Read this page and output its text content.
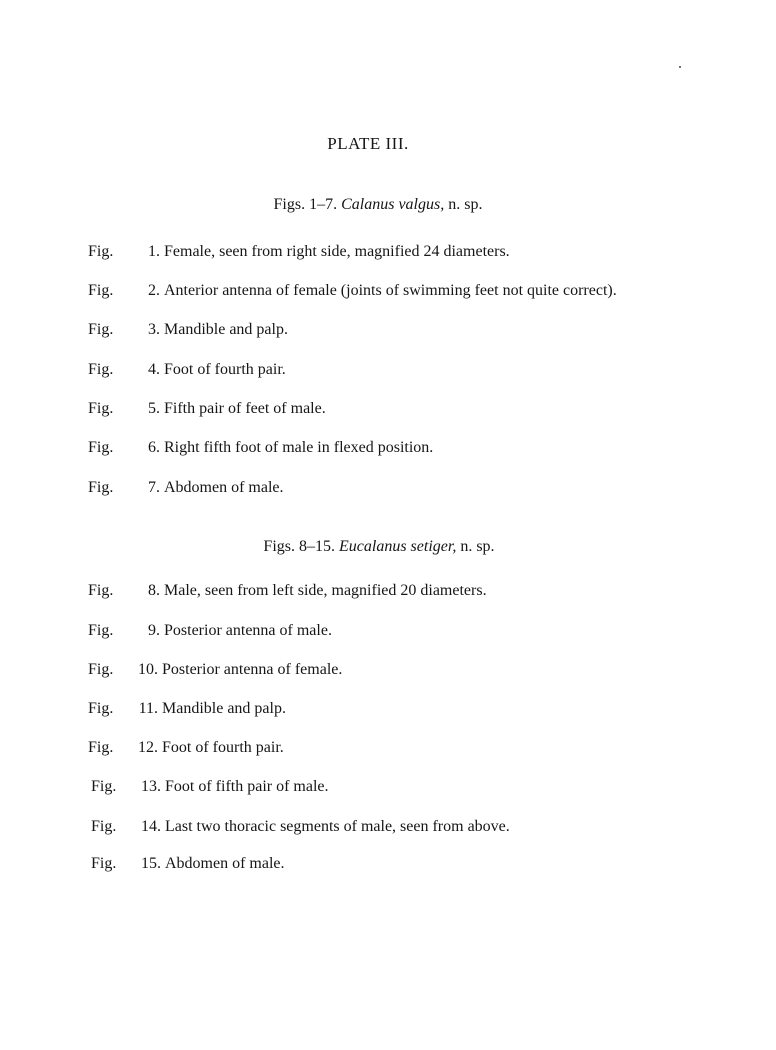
PLATE III.
Figs. 1–7. Calanus valgus, n. sp.
Fig. 1. Female, seen from right side, magnified 24 diameters.
Fig. 2. Anterior antenna of female (joints of swimming feet not quite correct).
Fig. 3. Mandible and palp.
Fig. 4. Foot of fourth pair.
Fig. 5. Fifth pair of feet of male.
Fig. 6. Right fifth foot of male in flexed position.
Fig. 7. Abdomen of male.
Figs. 8–15. Eucalanus setiger, n. sp.
Fig. 8. Male, seen from left side, magnified 20 diameters.
Fig. 9. Posterior antenna of male.
Fig. 10. Posterior antenna of female.
Fig. 11. Mandible and palp.
Fig. 12. Foot of fourth pair.
Fig. 13. Foot of fifth pair of male.
Fig. 14. Last two thoracic segments of male, seen from above.
Fig. 15. Abdomen of male.
